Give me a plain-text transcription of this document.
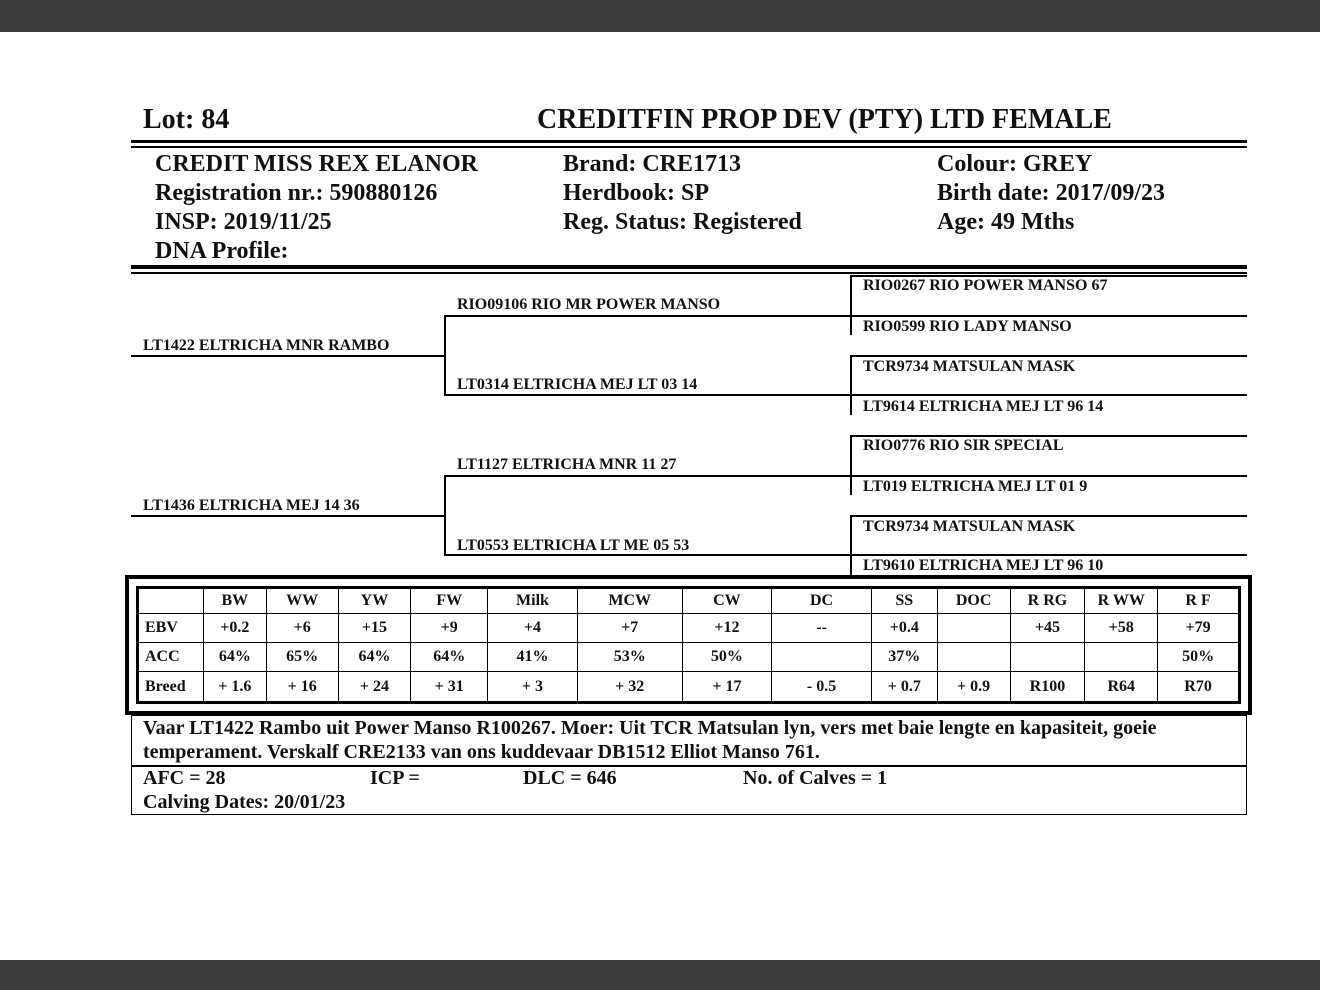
Lot: 84	CREDITFIN PROP DEV (PTY) LTD FEMALE
CREDIT MISS REX ELANOR
Registration nr.: 590880126
INSP: 2019/11/25
DNA Profile:
Brand: CRE1713
Herdbook: SP
Reg. Status: Registered
Colour: GREY
Birth date: 2017/09/23
Age: 49 Mths
LT1422 ELTRICHA MNR RAMBO
LT1436 ELTRICHA MEJ 14 36
RIO09106 RIO MR POWER MANSO
LT0314 ELTRICHA MEJ LT 03 14
LT1127 ELTRICHA MNR 11 27
LT0553 ELTRICHA LT ME 05 53
RIO0267 RIO POWER MANSO 67
RIO0599 RIO LADY MANSO
TCR9734 MATSULAN MASK
LT9614 ELTRICHA MEJ LT 96 14
RIO0776 RIO SIR SPECIAL
LT019 ELTRICHA MEJ LT 01 9
TCR9734 MATSULAN MASK
LT9610 ELTRICHA MEJ LT 96 10
	BW	WW	YW	FW	Milk	MCW	CW	DC	SS	DOC	R RG	R WW	R F
EBV	+0.2	+6	+15	+9	+4	+7	+12	--	+0.4		+45	+58	+79
ACC	64%	65%	64%	64%	41%	53%	50%		37%				50%
Breed	+ 1.6	+ 16	+ 24	+ 31	+ 3	+ 32	+ 17	- 0.5	+ 0.7	+ 0.9	R100	R64	R70
Vaar LT1422 Rambo uit Power Manso R100267. Moer: Uit TCR Matsulan lyn, vers met baie lengte en kapasiteit, goeie temperament. Verskalf CRE2133 van ons kuddevaar DB1512 Elliot Manso 761.
AFC = 28	ICP =	DLC = 646	No. of Calves = 1
Calving Dates: 20/01/23
